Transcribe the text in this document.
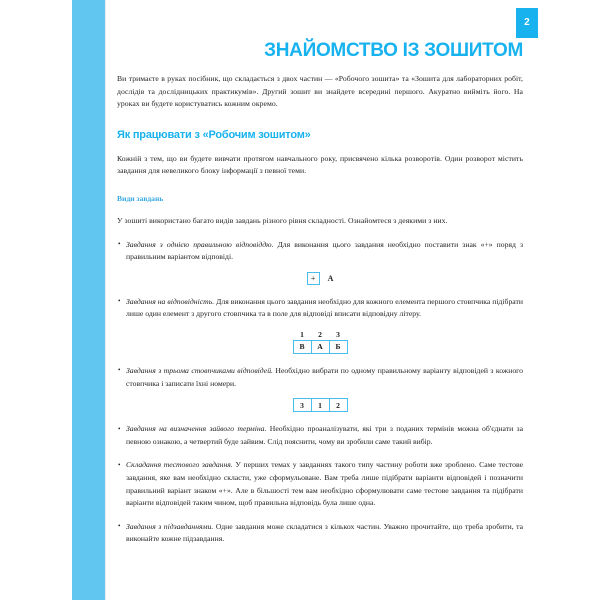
2
ЗНАЙОМСТВО ІЗ ЗОШИТОМ

Ви тримаєте в руках посібник, що складається з двох частин — «Робочого зошита» та «Зошита для лабораторних робіт, дослідів та дослідницьких практикумів». Другий зошит ви знайдете всередині першого. Акуратно вийміть його. На уроках ви будете користуватись кожним окремо.

Як працювати з «Робочим зошитом»

Кожній з тем, що ви будете вивчати протягом навчального року, присвячено кілька розворотів. Один розворот містить завдання для невеликого блоку інформації з певної теми.

Види завдань

У зошиті використано багато видів завдань різного рівня складності. Ознайомтеся з деякими з них.

• Завдання з однією правильною відповіддю. Для виконання цього завдання необхідно поставити знак «+» поряд з правильним варіантом відповіді.
+	А
• Завдання на відповідність. Для виконання цього завдання необхідно для кожного елемента першого стовпчика підібрати лише один елемент з другого стовпчика та в поле для відповіді вписати відповідну літеру.
1	2	3
В	А	Б
• Завдання з трьома стовпчиками відповідей. Необхідно вибрати по одному правильному варіанту відповідей з кожного стовпчика і записати їхні номери.
3	1	2
• Завдання на визначення зайвого терміна. Необхідно проаналізувати, які три з поданих термінів можна об'єднати за певною ознакою, а четвертий буде зайвим. Слід пояснити, чому ви зробили саме такий вибір.
• Складання тестового завдання. У перших темах у завданнях такого типу частину роботи вже зроблено. Саме тестове завдання, яке вам необхідно скласти, уже сформульоване. Вам треба лише підібрати варіанти відповідей і позначити правильний варіант знаком «+». Але в більшості тем вам необхідно сформулювати саме тестове завдання та підібрати варіанти відповідей таким чином, щоб правильна відповідь була лише одна.
• Завдання з підзавданнями. Одне завдання може складатися з кількох частин. Уважно прочитайте, що треба зробити, та виконайте кожне підзавдання.
